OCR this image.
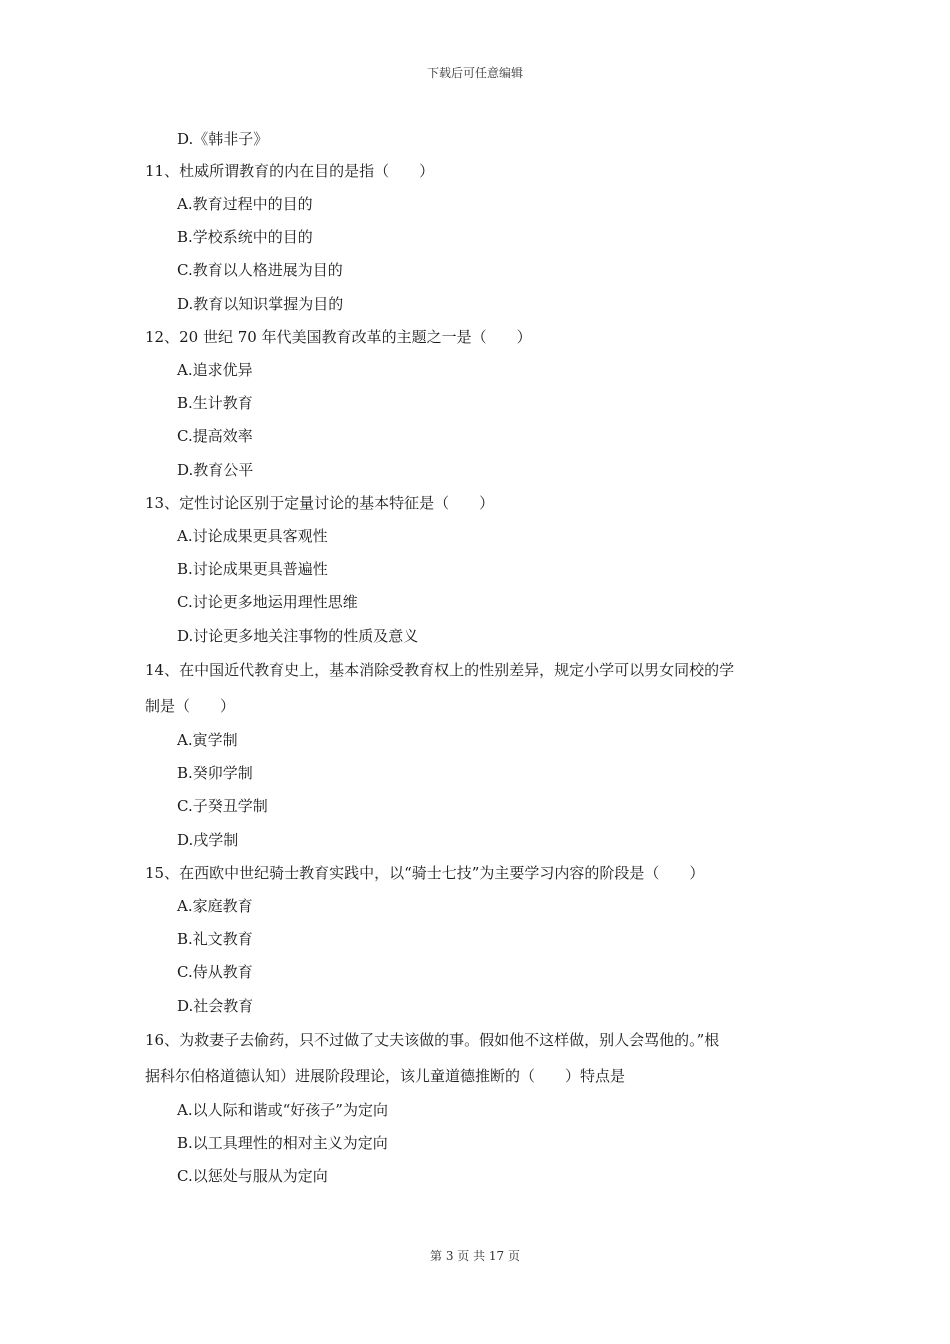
下载后可任意编辑
D.《韩非子》
11、杜威所谓教育的内在目的是指（　　）
A.教育过程中的目的
B.学校系统中的目的
C.教育以人格进展为目的
D.教育以知识掌握为目的
12、20 世纪 70 年代美国教育改革的主题之一是（　　）
A.追求优异
B.生计教育
C.提高效率
D.教育公平
13、定性讨论区别于定量讨论的基本特征是（　　）
A.讨论成果更具客观性
B.讨论成果更具普遍性
C.讨论更多地运用理性思维
D.讨论更多地关注事物的性质及意义
14、在中国近代教育史上，基本消除受教育权上的性别差异，规定小学可以男女同校的学
制是（　　）
A.寅学制
B.癸卯学制
C.子癸丑学制
D.戌学制
15、在西欧中世纪骑士教育实践中，以“骑士七技”为主要学习内容的阶段是（　　）
A.家庭教育
B.礼文教育
C.侍从教育
D.社会教育
16、为救妻子去偷药，只不过做了丈夫该做的事。假如他不这样做，别人会骂他的。”根
据科尔伯格道德认知）进展阶段理论，该儿童道德推断的（　　）特点是
A.以人际和谐或“好孩子”为定向
B.以工具理性的相对主义为定向
C.以惩处与服从为定向
第 3 页 共 17 页
